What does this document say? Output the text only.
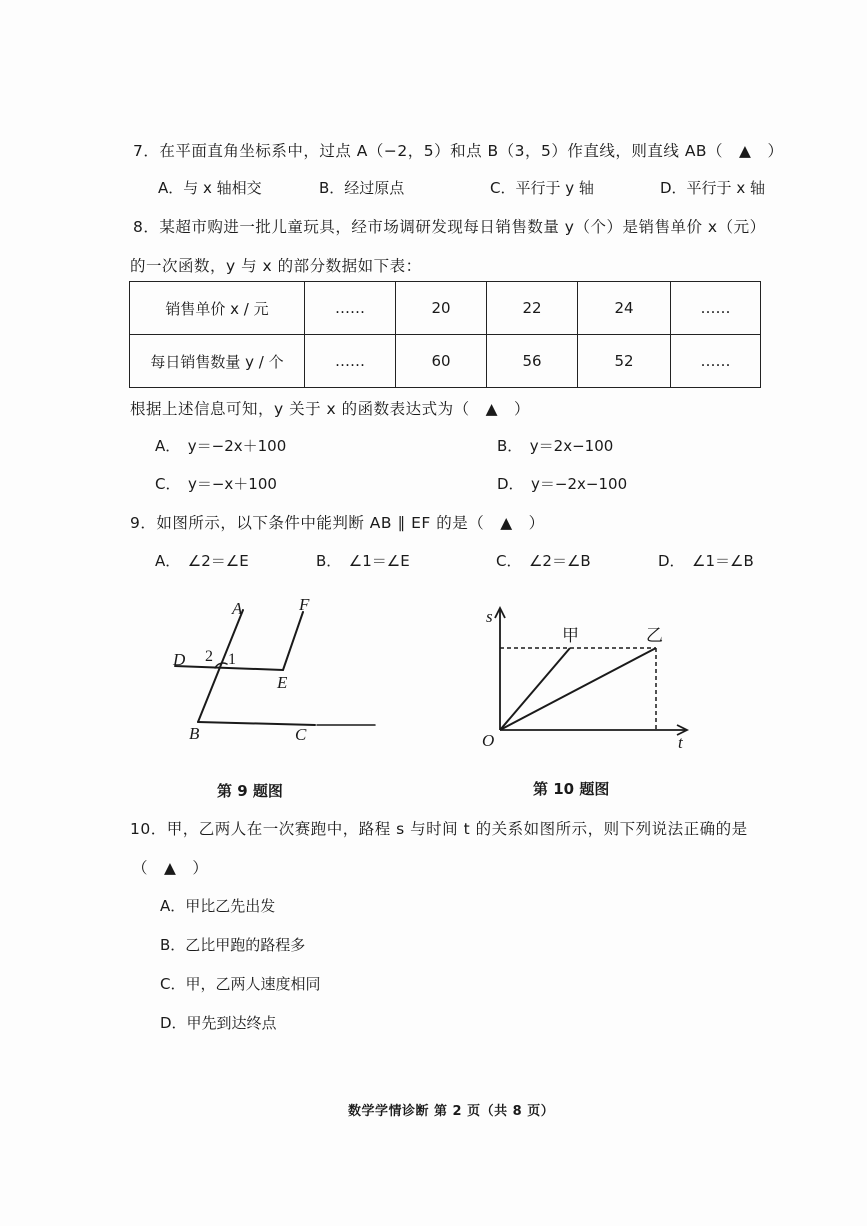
7．在平面直角坐标系中，过点 A（−2，5）和点 B（3，5）作直线，则直线 AB（　▲　）
A．与 x 轴相交	B．经过原点	C．平行于 y 轴	D．平行于 x 轴
8．某超市购进一批儿童玩具，经市场调研发现每日销售数量 y（个）是销售单价 x（元）
的一次函数，y 与 x 的部分数据如下表：
销售单价 x / 元	……	20	22	24	……
每日销售数量 y / 个	……	60	56	52	……
根据上述信息可知，y 关于 x 的函数表达式为（　▲　）
A．　y＝−2x＋100	B．　y＝2x−100
C．　y＝−x＋100	D．　y＝−2x−100
9．如图所示，以下条件中能判断 AB ∥ EF 的是（　▲　）
A．　∠2＝∠E	B．　∠1＝∠E	C．　∠2＝∠B	D．　∠1＝∠B
A	F
D
E
B	C
2 1
第 9 题图
s
甲	乙
O	t
第 10 题图
10．甲，乙两人在一次赛跑中，路程 s 与时间 t 的关系如图所示，则下列说法正确的是
（　▲　）
A．甲比乙先出发
B．乙比甲跑的路程多
C．甲，乙两人速度相同
D．甲先到达终点
数学学情诊断 第 2 页（共 8 页）
